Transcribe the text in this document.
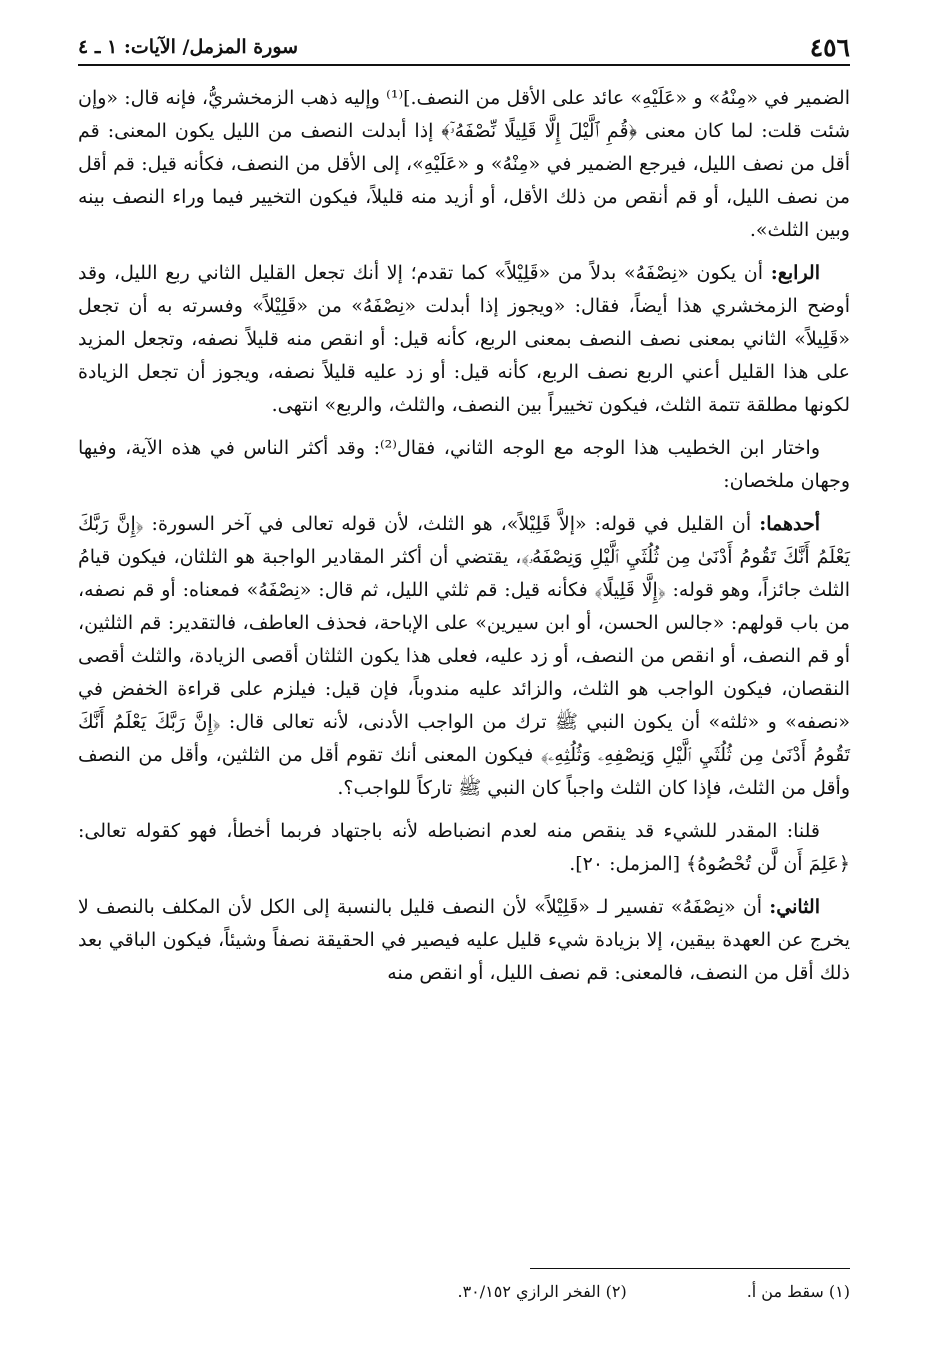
٤٥٦
سورة المزمل/ الآيات: ١ ـ ٤

الضمير في «مِنْهُ» و «عَلَيْهِ» عائد على الأقل من النصف.]⁽¹⁾ وإليه ذهب الزمخشريُّ، فإنه قال: «وإن شئت قلت: لما كان معنى ﴿قُمِ ٱلَّيْلَ إِلَّا قَلِيلًا نِّصْفَهُۥٓ﴾ إذا أبدلت النصف من الليل يكون المعنى: قم أقل من نصف الليل، فيرجع الضمير في «مِنْهُ» و «عَلَيْهِ»، إلى الأقل من النصف، فكأنه قيل: قم أقل من نصف الليل، أو قم أنقص من ذلك الأقل، أو أزيد منه قليلاً، فيكون التخيير فيما وراء النصف بينه وبين الثلث».

الرابع: أن يكون «نِصْفَهُ» بدلاً من «قَلِيْلاً» كما تقدم؛ إلا أنك تجعل القليل الثاني ربع الليل، وقد أوضح الزمخشري هذا أيضاً، فقال: «ويجوز إذا أبدلت «نِصْفَهُ» من «قَلِيْلاً» وفسرته به أن تجعل «قَلِيلاً» الثاني بمعنى نصف النصف بمعنى الربع، كأنه قيل: أو انقص منه قليلاً نصفه، وتجعل المزيد على هذا القليل أعني الربع نصف الربع، كأنه قيل: أو زد عليه قليلاً نصفه، ويجوز أن تجعل الزيادة لكونها مطلقة تتمة الثلث، فيكون تخييراً بين النصف، والثلث، والربع» انتهى.

واختار ابن الخطيب هذا الوجه مع الوجه الثاني، فقال⁽²⁾: وقد أكثر الناس في هذه الآية، وفيها وجهان ملخصان:

أحدهما: أن القليل في قوله: «إلاَّ قَلِيْلاً»، هو الثلث، لأن قوله تعالى في آخر السورة: ﴿إِنَّ رَبَّكَ يَعْلَمُ أَنَّكَ تَقُومُ أَدْنَىٰ مِن ثُلُثَيِ ٱلَّيْلِ وَنِصْفَهُۥ﴾، يقتضي أن أكثر المقادير الواجبة هو الثلثان، فيكون قيامُ الثلث جائزاً، وهو قوله: ﴿إِلَّا قَلِيلًا﴾ فكأنه قيل: قم ثلثي الليل، ثم قال: «نِصْفَهُ» فمعناه: أو قم نصفه، من باب قولهم: «جالس الحسن، أو ابن سيرين» على الإباحة، فحذف العاطف، فالتقدير: قم الثلثين، أو قم النصف، أو انقص من النصف، أو زد عليه، فعلى هذا يكون الثلثان أقصى الزيادة، والثلث أقصى النقصان، فيكون الواجب هو الثلث، والزائد عليه مندوباً، فإن قيل: فيلزم على قراءة الخفض في «نصفه» و «ثلثه» أن يكون النبي ﷺ ترك من الواجب الأدنى، لأنه تعالى قال: ﴿إِنَّ رَبَّكَ يَعْلَمُ أَنَّكَ تَقُومُ أَدْنَىٰ مِن ثُلُثَيِ ٱلَّيْلِ وَنِصْفِهِۦ وَثُلُثِهِۦ﴾ فيكون المعنى أنك تقوم أقل من الثلثين، وأقل من النصف وأقل من الثلث، فإذا كان الثلث واجباً كان النبي ﷺ تاركاً للواجب؟.

قلنا: المقدر للشيء قد ينقص منه لعدم انضباطه لأنه باجتهاد فربما أخطأ، فهو كقوله تعالى: ﴿عَلِمَ أَن لَّن تُحْصُوهُ﴾ [المزمل: ٢٠].

الثاني: أن «نِصْفَهُ» تفسير لـ «قَلِيْلاً» لأن النصف قليل بالنسبة إلى الكل لأن المكلف بالنصف لا يخرج عن العهدة بيقين، إلا بزيادة شيء قليل عليه فيصير في الحقيقة نصفاً وشيئاً، فيكون الباقي بعد ذلك أقل من النصف، فالمعنى: قم نصف الليل، أو انقص منه

(١) سقط من أ.
(٢) الفخر الرازي ٣٠/١٥٢.
